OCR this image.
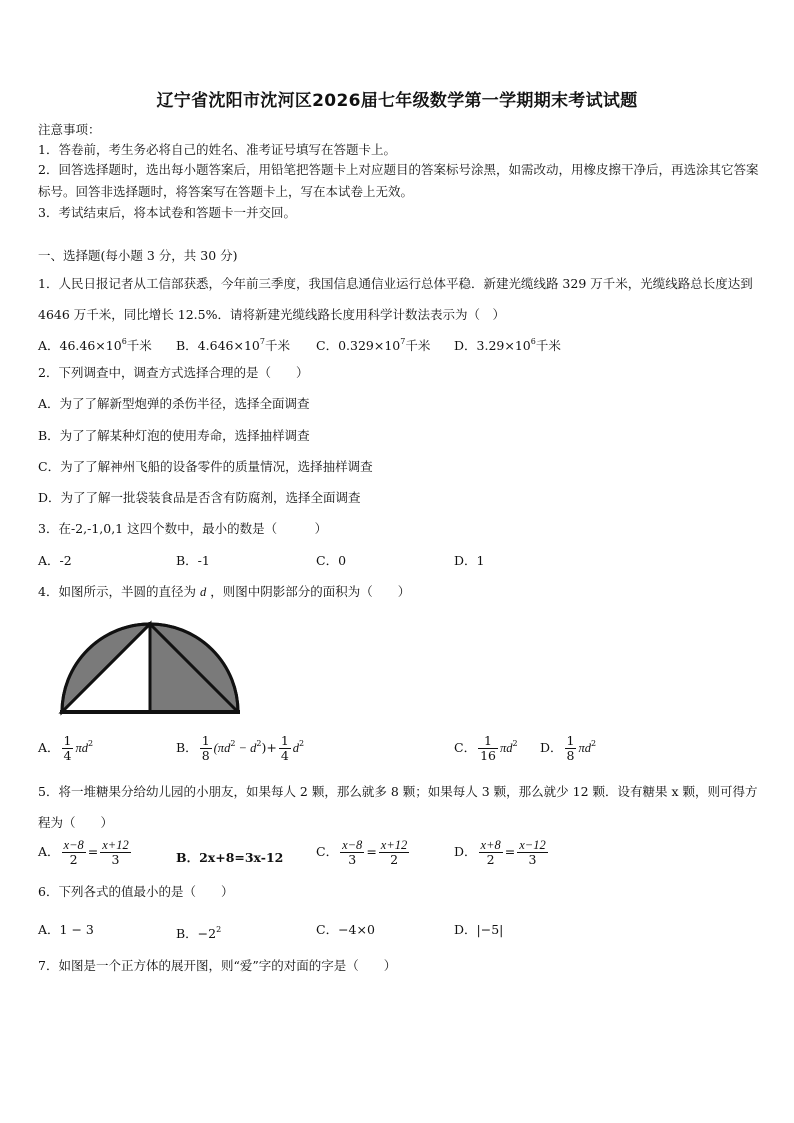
辽宁省沈阳市沈河区2026届七年级数学第一学期期末考试试题
注意事项：
1．答卷前，考生务必将自己的姓名、准考证号填写在答题卡上。
2．回答选择题时，选出每小题答案后，用铅笔把答题卡上对应题目的答案标号涂黑，如需改动，用橡皮擦干净后，再选涂其它答案标号。回答非选择题时，将答案写在答题卡上，写在本试卷上无效。
3．考试结束后，将本试卷和答题卡一并交回。
一、选择题(每小题 3 分，共 30 分)
1．人民日报记者从工信部获悉，今年前三季度，我国信息通信业运行总体平稳．新建光缆线路 329 万千米，光缆线路总长度达到 4646 万千米，同比增长 12.5%．请将新建光缆线路长度用科学计数法表示为（　）
A．$46.46\times 10^6$千米 B．$4.646\times 10^7$千米 C．$0.329\times 10^7$千米 D．$3.29\times 10^6$千米
2．下列调查中，调查方式选择合理的是（　　）
A．为了了解新型炮弹的杀伤半径，选择全面调查
B．为了了解某种灯泡的使用寿命，选择抽样调查
C．为了了解神州飞船的设备零件的质量情况，选择抽样调查
D．为了了解一批袋装食品是否含有防腐剂，选择全面调查
3．在-2,-1,0,1 这四个数中，最小的数是（　　　）
A．-2	B．-1	C．0	D．1
4．如图所示，半圆的直径为 d ，则图中阴影部分的面积为（　　）
A． $\frac{1}{4} \pi d^2$	B． $\frac{1}{8} (\pi d^2 - d^2)+ \frac{1}{4} d^2$	C． $\frac{1}{16} \pi d^2$ D． $\frac{1}{8} \pi d^2$
5．将一堆糖果分给幼儿园的小朋友，如果每人 2 颗，那么就多 8 颗；如果每人 3 颗，那么就少 12 颗．设有糖果 x 颗，则可得方程为（　　）
A． $\frac{x-8}{2} = \frac{x+12}{3}$	B．2x+8=3x-12	C． $\frac{x-8}{3} = \frac{x+12}{2}$	D． $\frac{x+8}{2} = \frac{x-12}{3}$
6．下列各式的值最小的是（　　）
A．1 − 3	B．$-2^2$	C．−4×0	D．|−5|
7．如图是一个正方体的展开图，则“爱”字的对面的字是（　　）
